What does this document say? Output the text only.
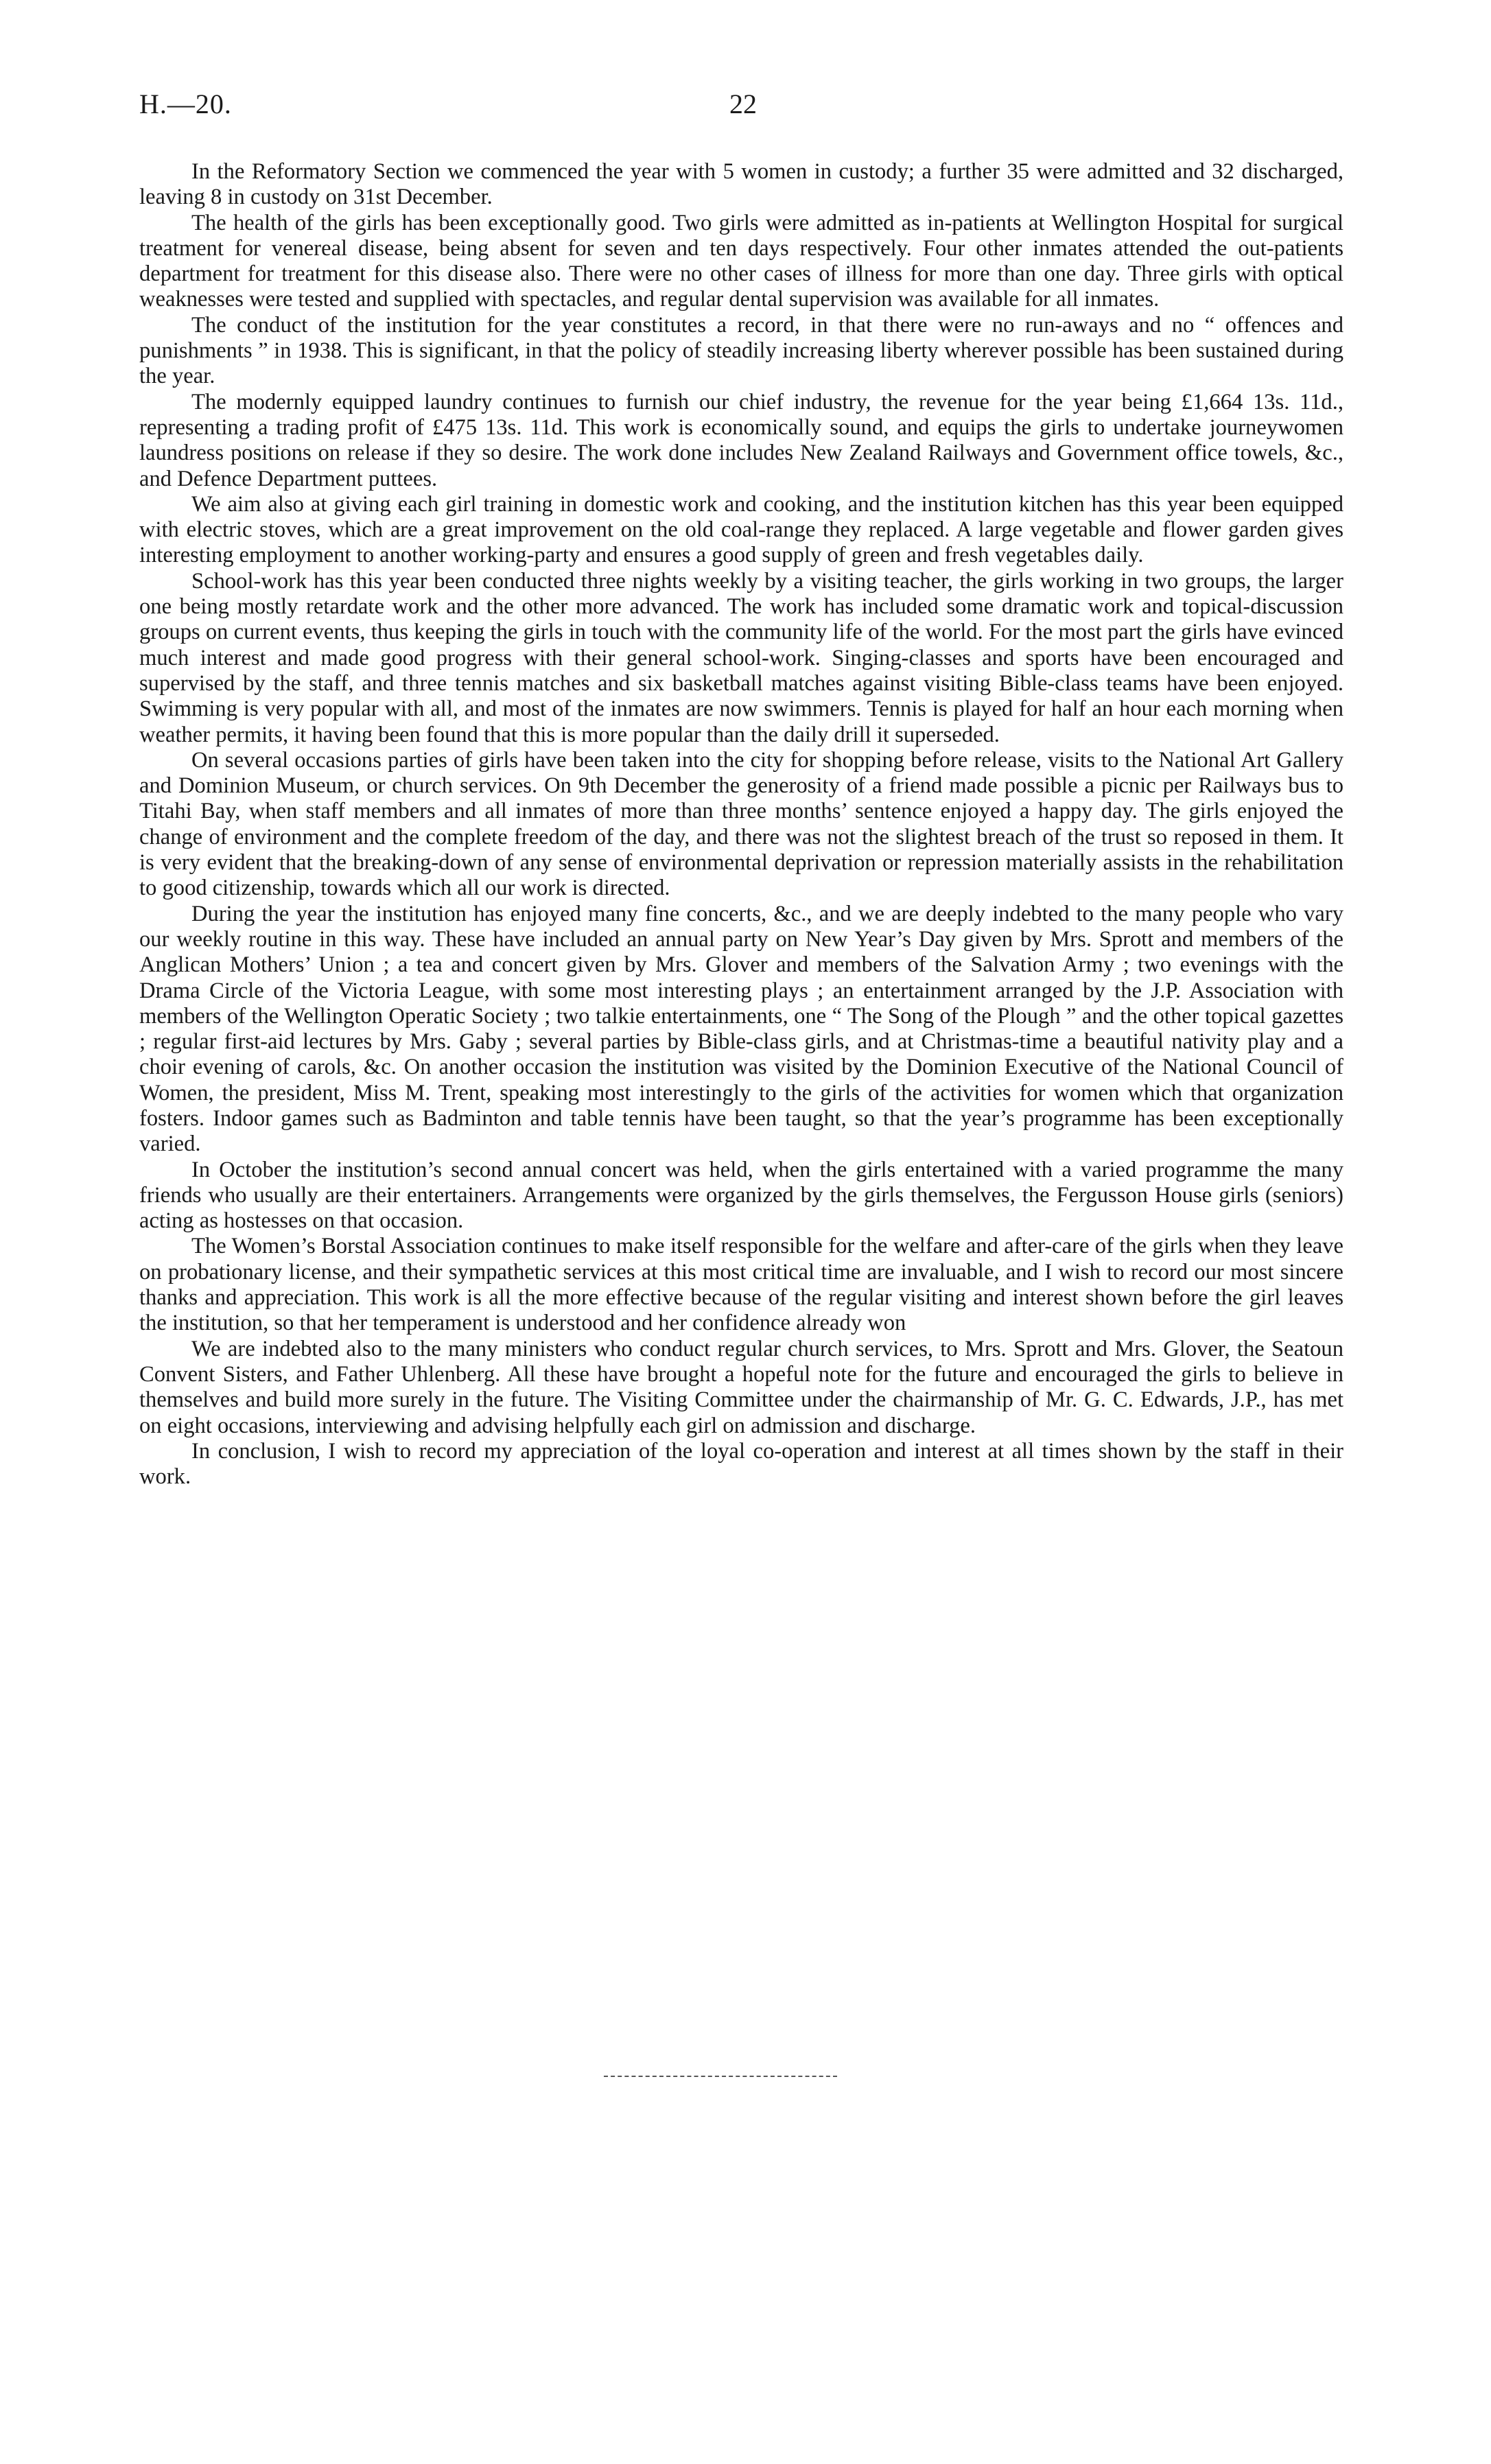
H.—20.	22

In the Reformatory Section we commenced the year with 5 women in custody; a further 35 were admitted and 32 discharged, leaving 8 in custody on 31st December.

The health of the girls has been exceptionally good. Two girls were admitted as in-patients at Wellington Hospital for surgical treatment for venereal disease, being absent for seven and ten days respectively. Four other inmates attended the out-patients department for treatment for this disease also. There were no other cases of illness for more than one day. Three girls with optical weaknesses were tested and supplied with spectacles, and regular dental supervision was available for all inmates.

The conduct of the institution for the year constitutes a record, in that there were no run-aways and no “ offences and punishments ” in 1938. This is significant, in that the policy of steadily increasing liberty wherever possible has been sustained during the year.

The modernly equipped laundry continues to furnish our chief industry, the revenue for the year being £1,664 13s. 11d., representing a trading profit of £475 13s. 11d. This work is economically sound, and equips the girls to undertake journeywomen laundress positions on release if they so desire. The work done includes New Zealand Railways and Government office towels, &c., and Defence Department puttees.

We aim also at giving each girl training in domestic work and cooking, and the institution kitchen has this year been equipped with electric stoves, which are a great improvement on the old coal-range they replaced. A large vegetable and flower garden gives interesting employment to another working-party and ensures a good supply of green and fresh vegetables daily.

School-work has this year been conducted three nights weekly by a visiting teacher, the girls working in two groups, the larger one being mostly retardate work and the other more advanced. The work has included some dramatic work and topical-discussion groups on current events, thus keeping the girls in touch with the community life of the world. For the most part the girls have evinced much interest and made good progress with their general school-work. Singing-classes and sports have been encouraged and supervised by the staff, and three tennis matches and six basketball matches against visiting Bible-class teams have been enjoyed. Swimming is very popular with all, and most of the inmates are now swimmers. Tennis is played for half an hour each morning when weather permits, it having been found that this is more popular than the daily drill it superseded.

On several occasions parties of girls have been taken into the city for shopping before release, visits to the National Art Gallery and Dominion Museum, or church services. On 9th December the generosity of a friend made possible a picnic per Railways bus to Titahi Bay, when staff members and all inmates of more than three months’ sentence enjoyed a happy day. The girls enjoyed the change of environment and the complete freedom of the day, and there was not the slightest breach of the trust so reposed in them. It is very evident that the breaking-down of any sense of environmental deprivation or repression materially assists in the rehabilitation to good citizenship, towards which all our work is directed.

During the year the institution has enjoyed many fine concerts, &c., and we are deeply indebted to the many people who vary our weekly routine in this way. These have included an annual party on New Year’s Day given by Mrs. Sprott and members of the Anglican Mothers’ Union ; a tea and concert given by Mrs. Glover and members of the Salvation Army ; two evenings with the Drama Circle of the Victoria League, with some most interesting plays ; an entertainment arranged by the J.P. Association with members of the Wellington Operatic Society ; two talkie entertainments, one “ The Song of the Plough ” and the other topical gazettes ; regular first-aid lectures by Mrs. Gaby ; several parties by Bible-class girls, and at Christmas-time a beautiful nativity play and a choir evening of carols, &c. On another occasion the institution was visited by the Dominion Executive of the National Council of Women, the president, Miss M. Trent, speaking most interestingly to the girls of the activities for women which that organization fosters. Indoor games such as Badminton and table tennis have been taught, so that the year’s programme has been exceptionally varied.

In October the institution’s second annual concert was held, when the girls entertained with a varied programme the many friends who usually are their entertainers. Arrangements were organized by the girls themselves, the Fergusson House girls (seniors) acting as hostesses on that occasion.

The Women’s Borstal Association continues to make itself responsible for the welfare and after-care of the girls when they leave on probationary license, and their sympathetic services at this most critical time are invaluable, and I wish to record our most sincere thanks and appreciation. This work is all the more effective because of the regular visiting and interest shown before the girl leaves the institution, so that her temperament is understood and her confidence already won

We are indebted also to the many ministers who conduct regular church services, to Mrs. Sprott and Mrs. Glover, the Seatoun Convent Sisters, and Father Uhlenberg. All these have brought a hopeful note for the future and encouraged the girls to believe in themselves and build more surely in the future. The Visiting Committee under the chairmanship of Mr. G. C. Edwards, J.P., has met on eight occasions, interviewing and advising helpfully each girl on admission and discharge.

In conclusion, I wish to record my appreciation of the loyal co-operation and interest at all times shown by the staff in their work.
